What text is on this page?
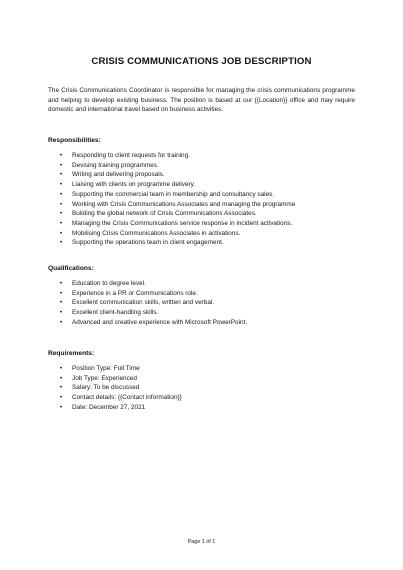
CRISIS COMMUNICATIONS JOB DESCRIPTION
The Crisis Communications Coordinator is responsible for managing the crisis communications programme and helping to develop existing business. The position is based at our {{Location}} office and may require domestic and international travel based on business activities.
Responsibilities:
• Responding to client requests for training.
• Devising training programmes.
• Writing and delivering proposals.
• Liaising with clients on programme delivery.
• Supporting the commercial team in membership and consultancy sales.
• Working with Crisis Communications Associates and managing the programme
• Building the global network of Crisis Communications Associates.
• Managing the Crisis Communications service response in incident activations.
• Mobilising Crisis Communications Associates in activations.
• Supporting the operations team in client engagement.
Qualifications:
• Education to degree level.
• Experience in a PR or Communications role.
• Excellent communication skills, written and verbal.
• Excellent client-handling skills.
• Advanced and creative experience with Microsoft PowerPoint.
Requirements:
• Position Type: Full Time
• Job Type: Experienced
• Salary: To be discussed
• Contact details: {{Contact information}}
• Date: December 27, 2021
Page 1 of 1
